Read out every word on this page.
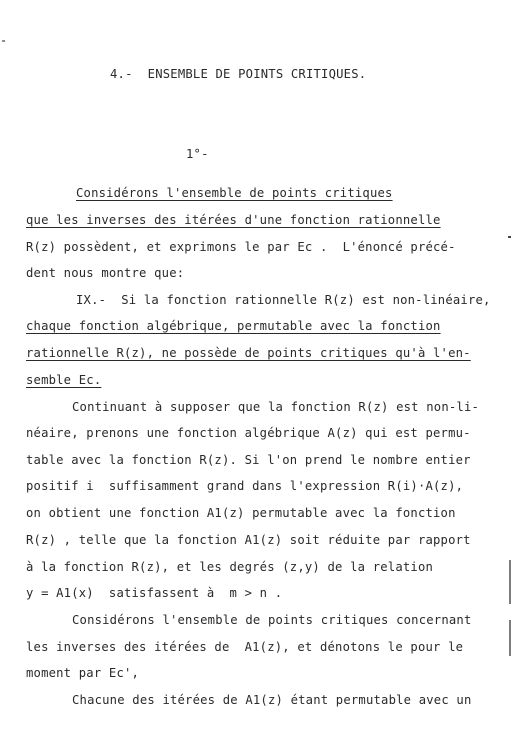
4.-  ENSEMBLE DE POINTS CRITIQUES.
1°-
Considérons l'ensemble de points critiques
que les inverses des itérées d'une fonction rationnelle
R(z) possèdent, et exprimons le par Ec .  L'énoncé précé-
dent nous montre que:
IX.-  Si la fonction rationnelle R(z) est non-linéaire,
chaque fonction algébrique, permutable avec la fonction
rationnelle R(z), ne possède de points critiques qu'à l'en-
semble Ec.
Continuant à supposer que la fonction R(z) est non-li-
néaire, prenons une fonction algébrique A(z) qui est permu-
table avec la fonction R(z). Si l'on prend le nombre entier
positif i  suffisamment grand dans l'expression R(i)·A(z),
on obtient une fonction A1(z) permutable avec la fonction
R(z) , telle que la fonction A1(z) soit réduite par rapport
à la fonction R(z), et les degrés (z,y) de la relation
y = A1(x)  satisfassent à  m > n .
Considérons l'ensemble de points critiques concernant
les inverses des itérées de  A1(z), et dénotons le pour le
moment par Ec',
Chacune des itérées de A1(z) étant permutable avec un
